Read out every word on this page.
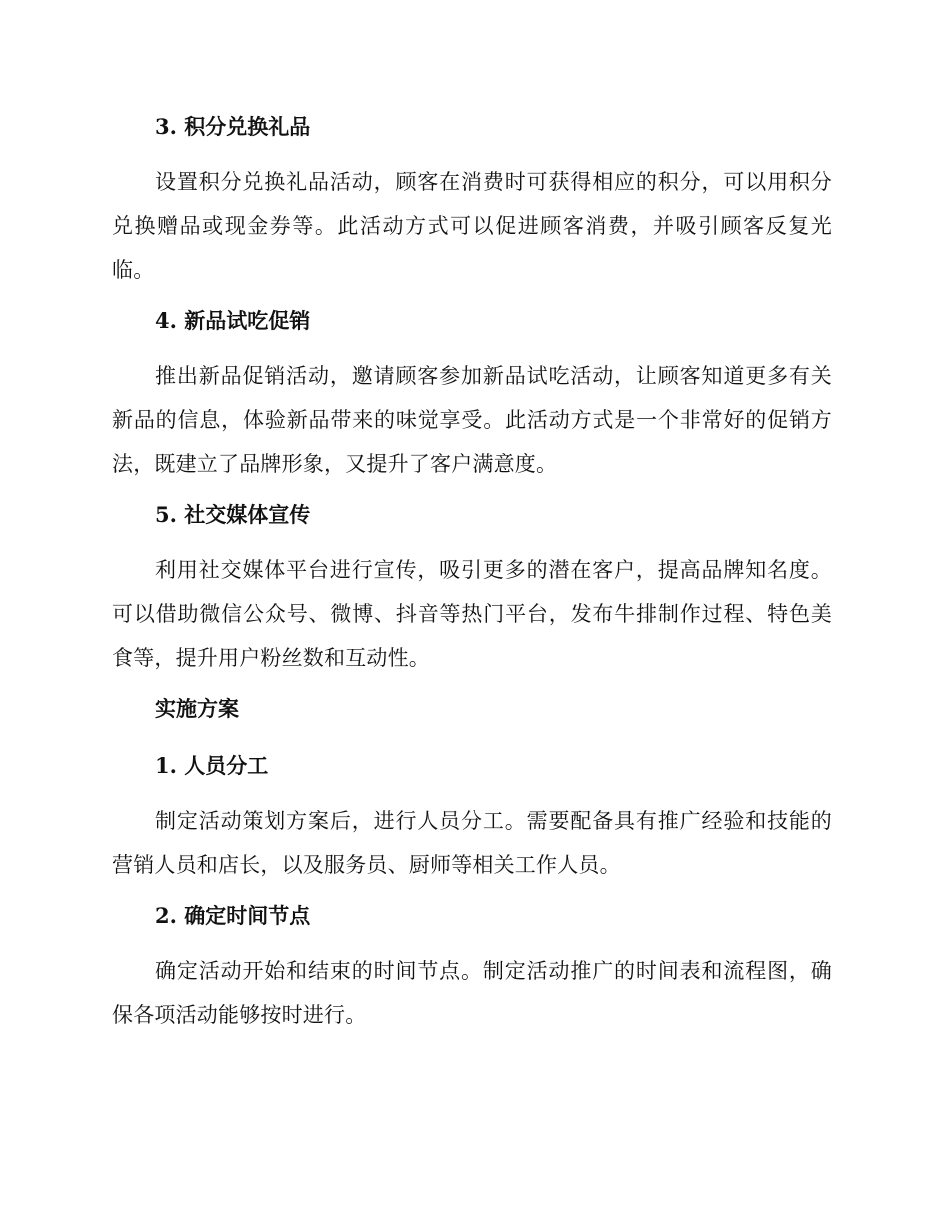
3. 积分兑换礼品

设置积分兑换礼品活动，顾客在消费时可获得相应的积分，可以用积分兑换赠品或现金券等。此活动方式可以促进顾客消费，并吸引顾客反复光临。

4. 新品试吃促销

推出新品促销活动，邀请顾客参加新品试吃活动，让顾客知道更多有关新品的信息，体验新品带来的味觉享受。此活动方式是一个非常好的促销方法，既建立了品牌形象，又提升了客户满意度。

5. 社交媒体宣传

利用社交媒体平台进行宣传，吸引更多的潜在客户，提高品牌知名度。可以借助微信公众号、微博、抖音等热门平台，发布牛排制作过程、特色美食等，提升用户粉丝数和互动性。

实施方案

1. 人员分工

制定活动策划方案后，进行人员分工。需要配备具有推广经验和技能的营销人员和店长，以及服务员、厨师等相关工作人员。

2. 确定时间节点

确定活动开始和结束的时间节点。制定活动推广的时间表和流程图，确保各项活动能够按时进行。
